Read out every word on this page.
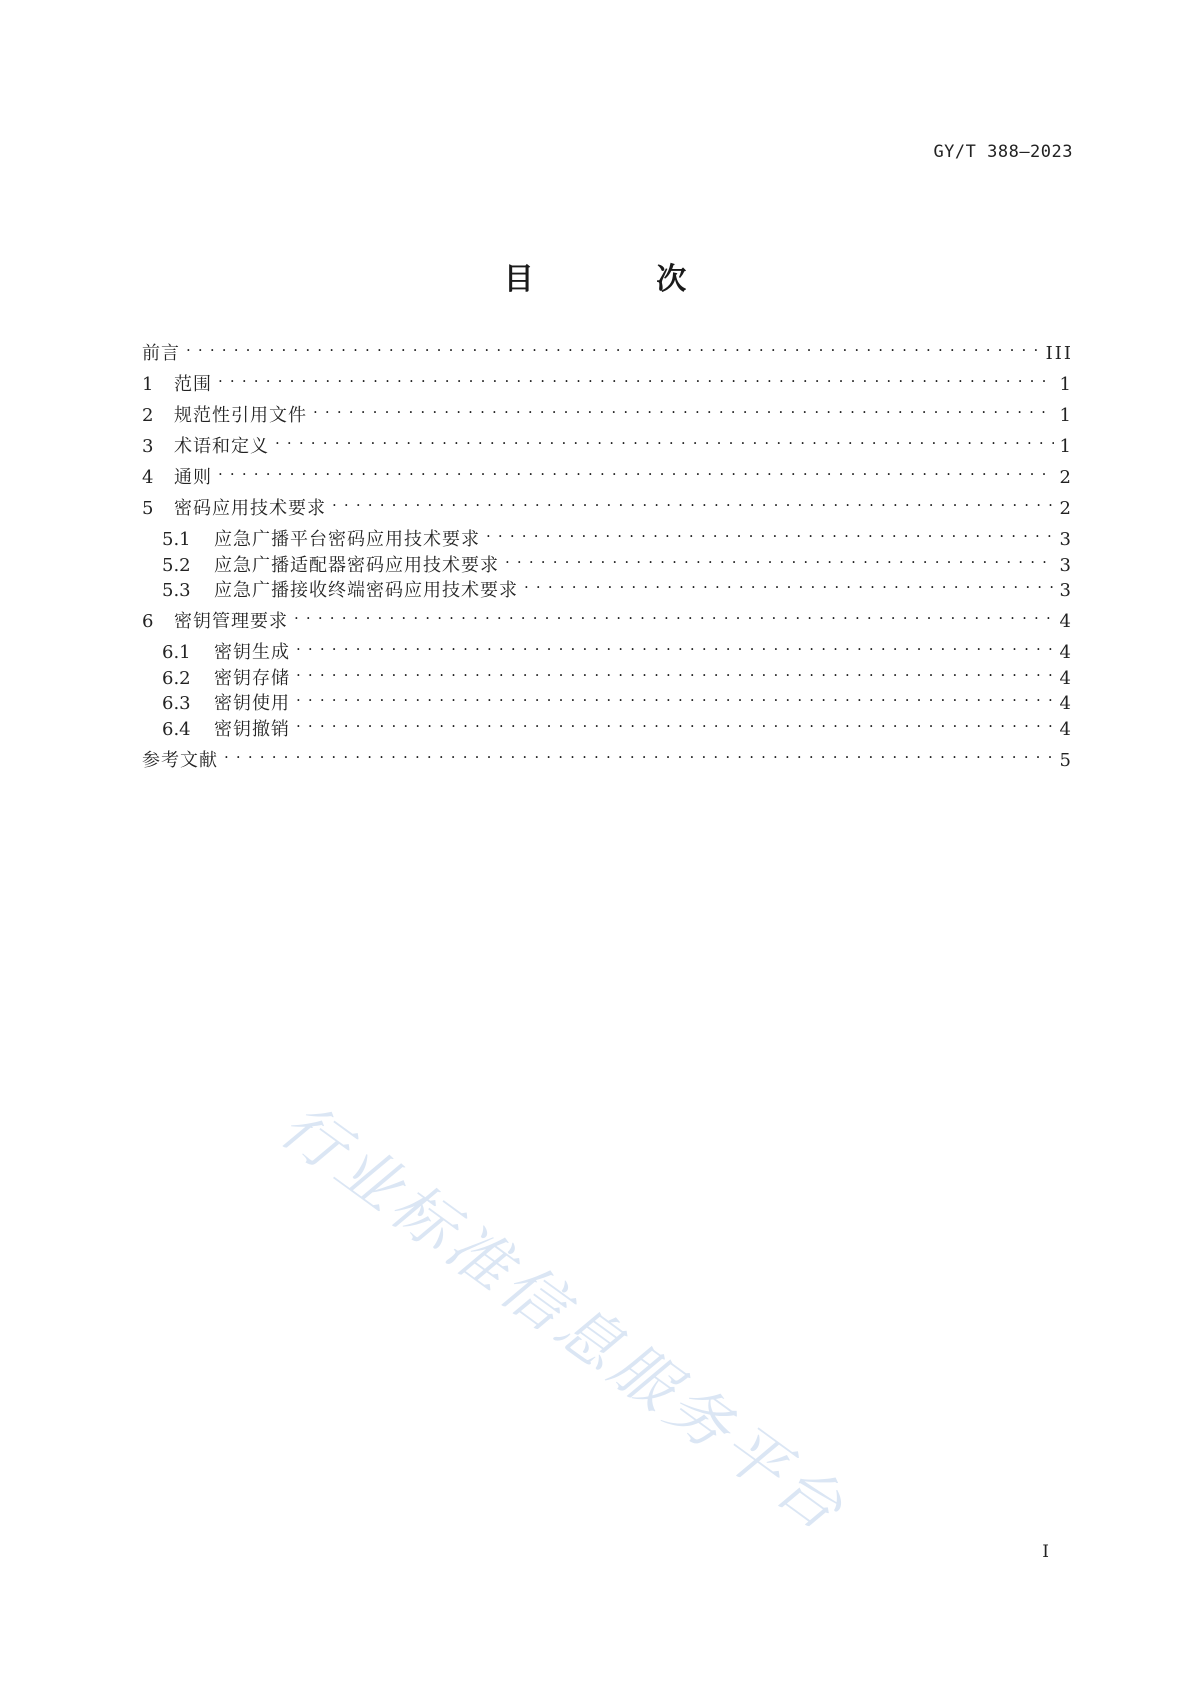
GY/T 388—2023
目 次
前言 . . .	III
1	范围 . . .	1
2	规范性引用文件 . . .	1
3	术语和定义 . . .	1
4	通则 . . .	2
5	密码应用技术要求 . . .	2
5.1	应急广播平台密码应用技术要求 . . .	3
5.2	应急广播适配器密码应用技术要求 . . .	3
5.3	应急广播接收终端密码应用技术要求 . . .	3
6	密钥管理要求 . . .	4
6.1	密钥生成 . . .	4
6.2	密钥存储 . . .	4
6.3	密钥使用 . . .	4
6.4	密钥撤销 . . .	4
参考文献 . . .	5
行业标准信息服务平台
I
